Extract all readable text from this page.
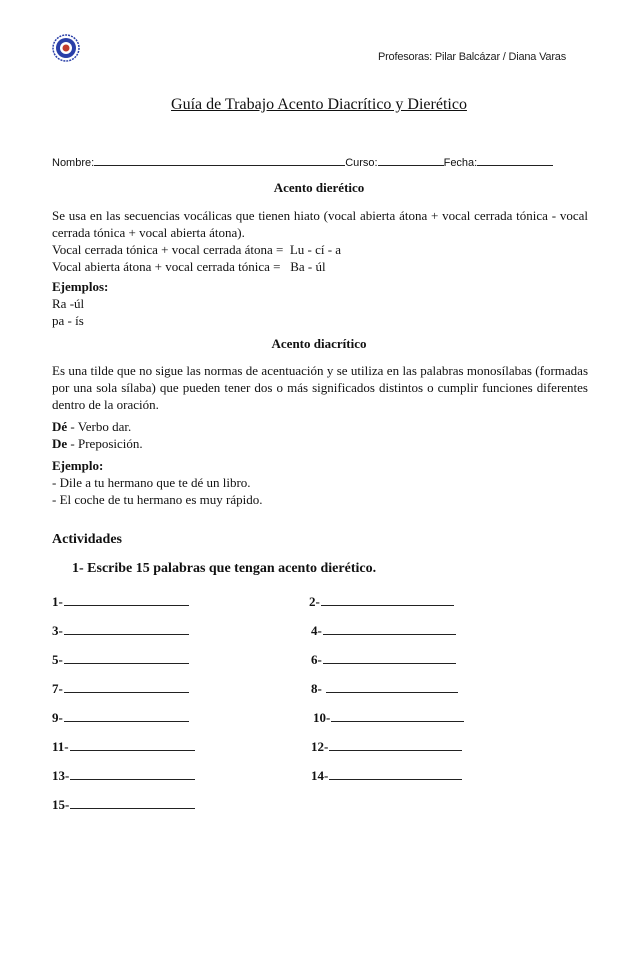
Profesoras: Pilar Balcázar / Diana Varas
Guía de Trabajo Acento Diacrítico y Dierético
Nombre:	Curso:	Fecha:
Acento dierético

Se usa en las secuencias vocálicas que tienen hiato (vocal abierta átona + vocal cerrada tónica - vocal cerrada tónica + vocal abierta átona).

Vocal cerrada tónica + vocal cerrada átona = Lu - cí - a
Vocal abierta átona + vocal cerrada tónica = Ba - úl
Ejemplos:
Ra -úl
pa - ís
Acento diacrítico

Es una tilde que no sigue las normas de acentuación y se utiliza en las palabras monosílabas (formadas por una sola sílaba) que pueden tener dos o más significados distintos o cumplir funciones diferentes dentro de la oración.

Dé - Verbo dar.
De - Preposición.
Ejemplo:
- Dile a tu hermano que te dé un libro.
- El coche de tu hermano es muy rápido.
Actividades
1- Escribe 15 palabras que tengan acento dierético.
1-	2-
3-	4-
5-	6-
7-	8-
9-	10-
11-	12-
13-	14-
15-
